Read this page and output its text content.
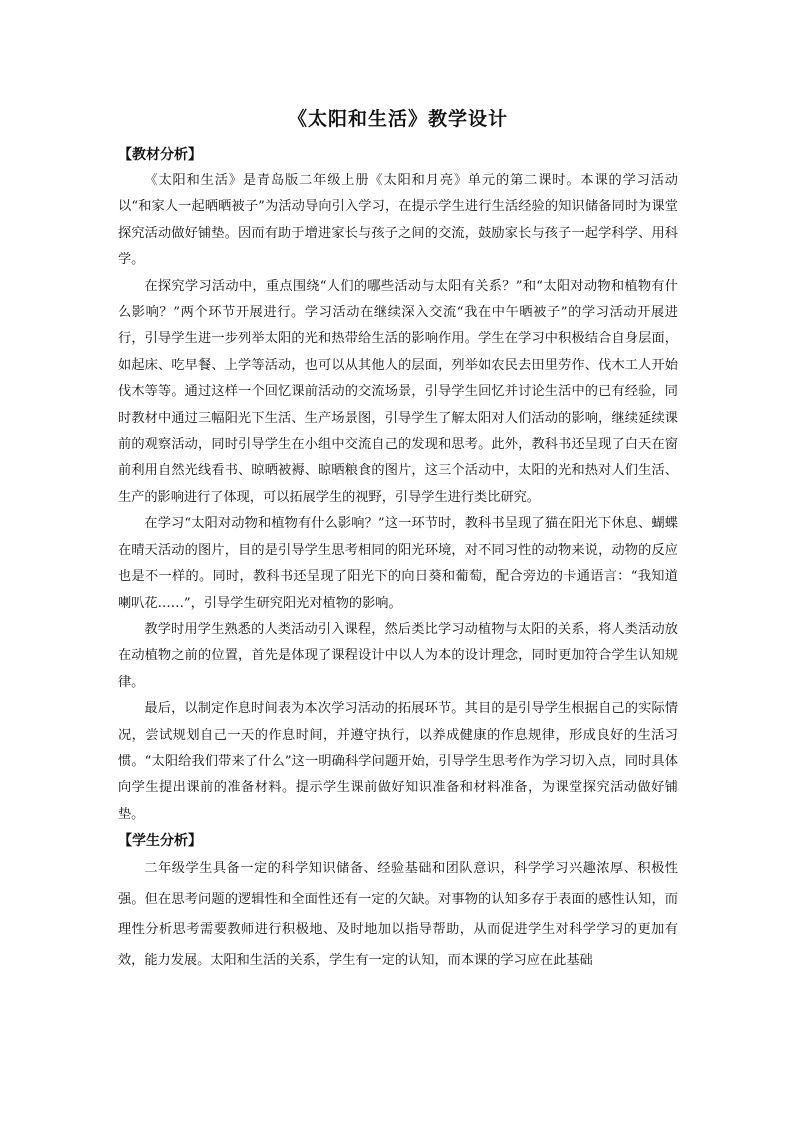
《太阳和生活》教学设计

【教材分析】

《太阳和生活》是青岛版二年级上册《太阳和月亮》单元的第二课时。本课的学习活动以“和家人一起晒晒被子”为活动导向引入学习，在提示学生进行生活经验的知识储备同时为课堂探究活动做好铺垫。因而有助于增进家长与孩子之间的交流，鼓励家长与孩子一起学科学、用科学。

在探究学习活动中，重点围绕“人们的哪些活动与太阳有关系？”和“太阳对动物和植物有什么影响？”两个环节开展进行。学习活动在继续深入交流“我在中午晒被子”的学习活动开展进行，引导学生进一步列举太阳的光和热带给生活的影响作用。学生在学习中积极结合自身层面，如起床、吃早餐、上学等活动，也可以从其他人的层面，列举如农民去田里劳作、伐木工人开始伐木等等。通过这样一个回忆课前活动的交流场景，引导学生回忆并讨论生活中的已有经验，同时教材中通过三幅阳光下生活、生产场景图，引导学生了解太阳对人们活动的影响，继续延续课前的观察活动，同时引导学生在小组中交流自己的发现和思考。此外，教科书还呈现了白天在窗前利用自然光线看书、晾晒被褥、晾晒粮食的图片，这三个活动中，太阳的光和热对人们生活、生产的影响进行了体现，可以拓展学生的视野，引导学生进行类比研究。

在学习“太阳对动物和植物有什么影响？”这一环节时，教科书呈现了猫在阳光下休息、蝴蝶在晴天活动的图片，目的是引导学生思考相同的阳光环境，对不同习性的动物来说，动物的反应也是不一样的。同时，教科书还呈现了阳光下的向日葵和葡萄，配合旁边的卡通语言：“我知道喇叭花……”，引导学生研究阳光对植物的影响。

教学时用学生熟悉的人类活动引入课程，然后类比学习动植物与太阳的关系，将人类活动放在动植物之前的位置，首先是体现了课程设计中以人为本的设计理念，同时更加符合学生认知规律。

最后，以制定作息时间表为本次学习活动的拓展环节。其目的是引导学生根据自己的实际情况，尝试规划自己一天的作息时间，并遵守执行，以养成健康的作息规律，形成良好的生活习惯。“太阳给我们带来了什么”这一明确科学问题开始，引导学生思考作为学习切入点，同时具体向学生提出课前的准备材料。提示学生课前做好知识准备和材料准备，为课堂探究活动做好铺垫。

【学生分析】

二年级学生具备一定的科学知识储备、经验基础和团队意识，科学学习兴趣浓厚、积极性强。但在思考问题的逻辑性和全面性还有一定的欠缺。对事物的认知多存于表面的感性认知，而理性分析思考需要教师进行积极地、及时地加以指导帮助，从而促进学生对科学学习的更加有效，能力发展。太阳和生活的关系，学生有一定的认知，而本课的学习应在此基础
